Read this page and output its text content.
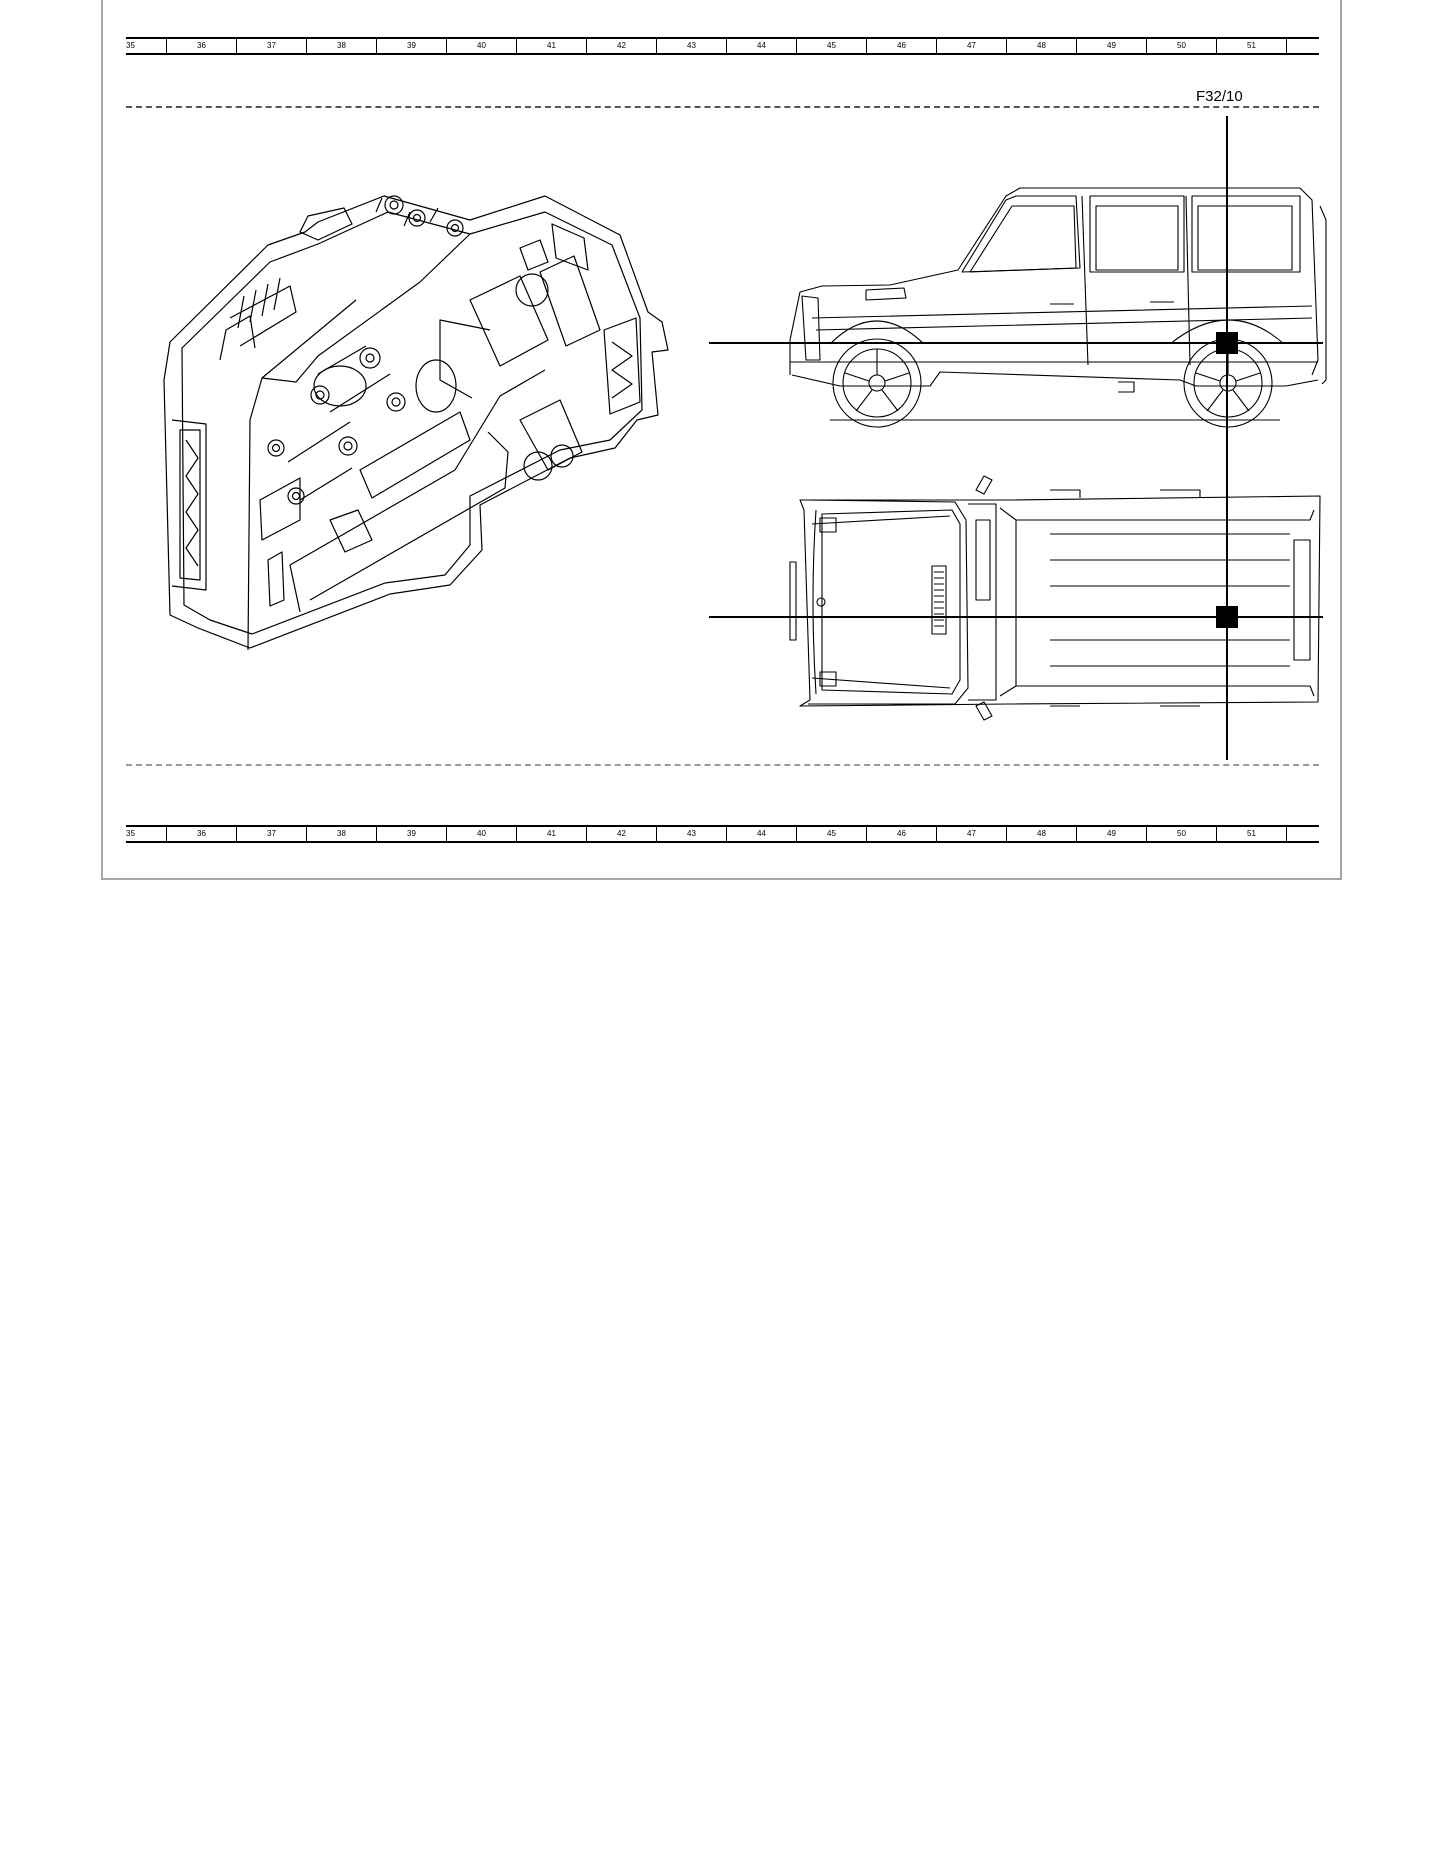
35	36	37	38	39	40	41	42	43	44	45	46	47	48	49	50	51
F32/10
35	36	37	38	39	40	41	42	43	44	45	46	47	48	49	50	51
